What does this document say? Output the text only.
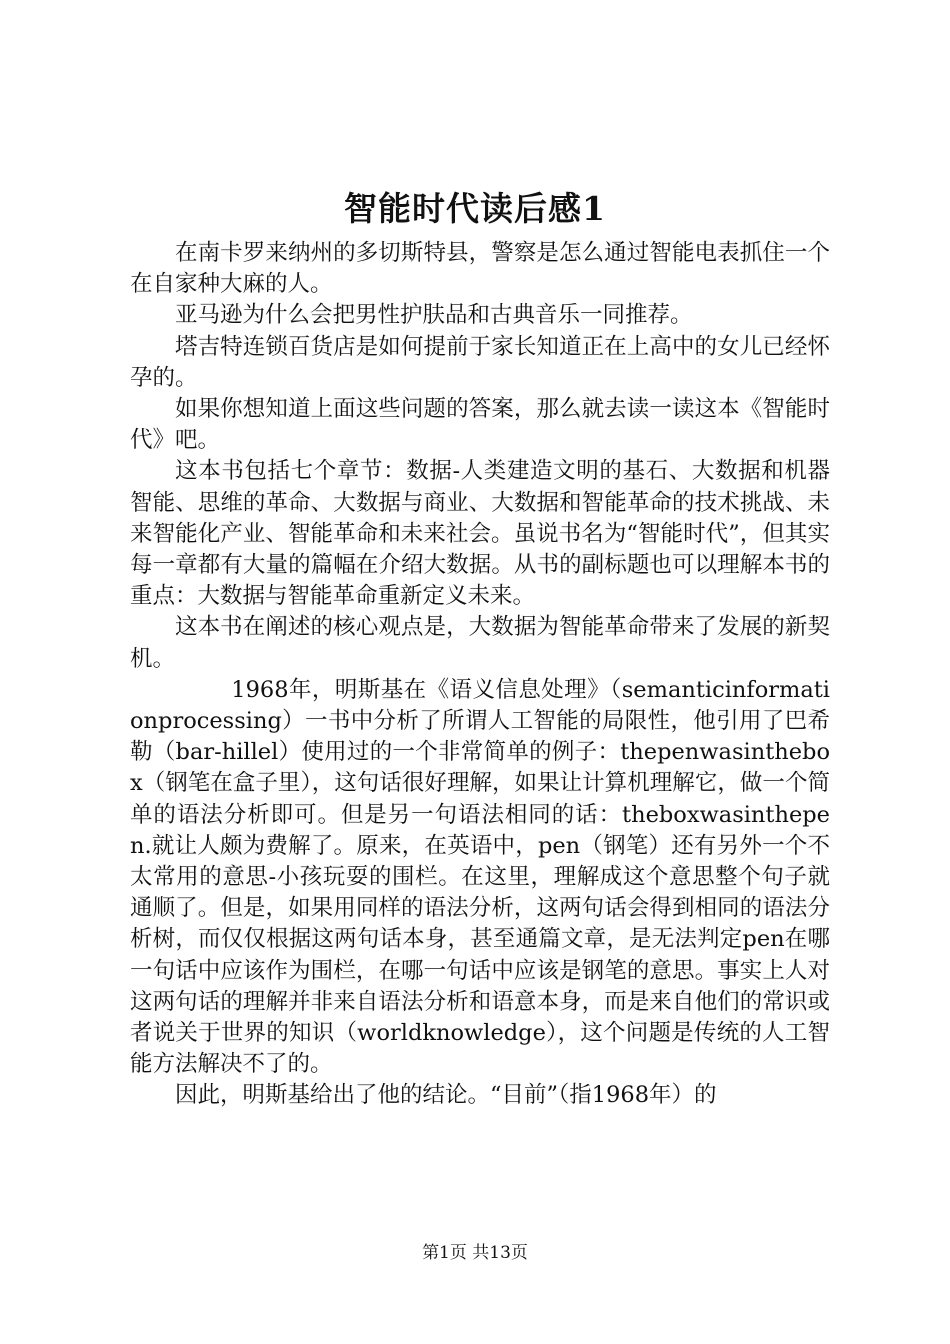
智能时代读后感1

在南卡罗来纳州的多切斯特县，警察是怎么通过智能电表抓住一个在自家种大麻的人。

亚马逊为什么会把男性护肤品和古典音乐一同推荐。

塔吉特连锁百货店是如何提前于家长知道正在上高中的女儿已经怀孕的。

如果你想知道上面这些问题的答案，那么就去读一读这本《智能时代》吧。

这本书包括七个章节：数据-人类建造文明的基石、大数据和机器智能、思维的革命、大数据与商业、大数据和智能革命的技术挑战、未来智能化产业、智能革命和未来社会。虽说书名为“智能时代”，但其实每一章都有大量的篇幅在介绍大数据。从书的副标题也可以理解本书的重点：大数据与智能革命重新定义未来。

这本书在阐述的核心观点是，大数据为智能革命带来了发展的新契机。

1968年，明斯基在《语义信息处理》（semanticinformationprocessing）一书中分析了所谓人工智能的局限性，他引用了巴希勒（bar-hillel）使用过的一个非常简单的例子：thepenwasinthebox（钢笔在盒子里），这句话很好理解，如果让计算机理解它，做一个简单的语法分析即可。但是另一句语法相同的话：theboxwasinthepen.就让人颇为费解了。原来，在英语中，pen（钢笔）还有另外一个不太常用的意思-小孩玩耍的围栏。在这里，理解成这个意思整个句子就通顺了。但是，如果用同样的语法分析，这两句话会得到相同的语法分析树，而仅仅根据这两句话本身，甚至通篇文章，是无法判定pen在哪一句话中应该作为围栏，在哪一句话中应该是钢笔的意思。事实上人对这两句话的理解并非来自语法分析和语意本身，而是来自他们的常识或者说关于世界的知识（worldknowledge），这个问题是传统的人工智能方法解决不了的。

因此，明斯基给出了他的结论。“目前”（指1968年）的

第1页 共13页
